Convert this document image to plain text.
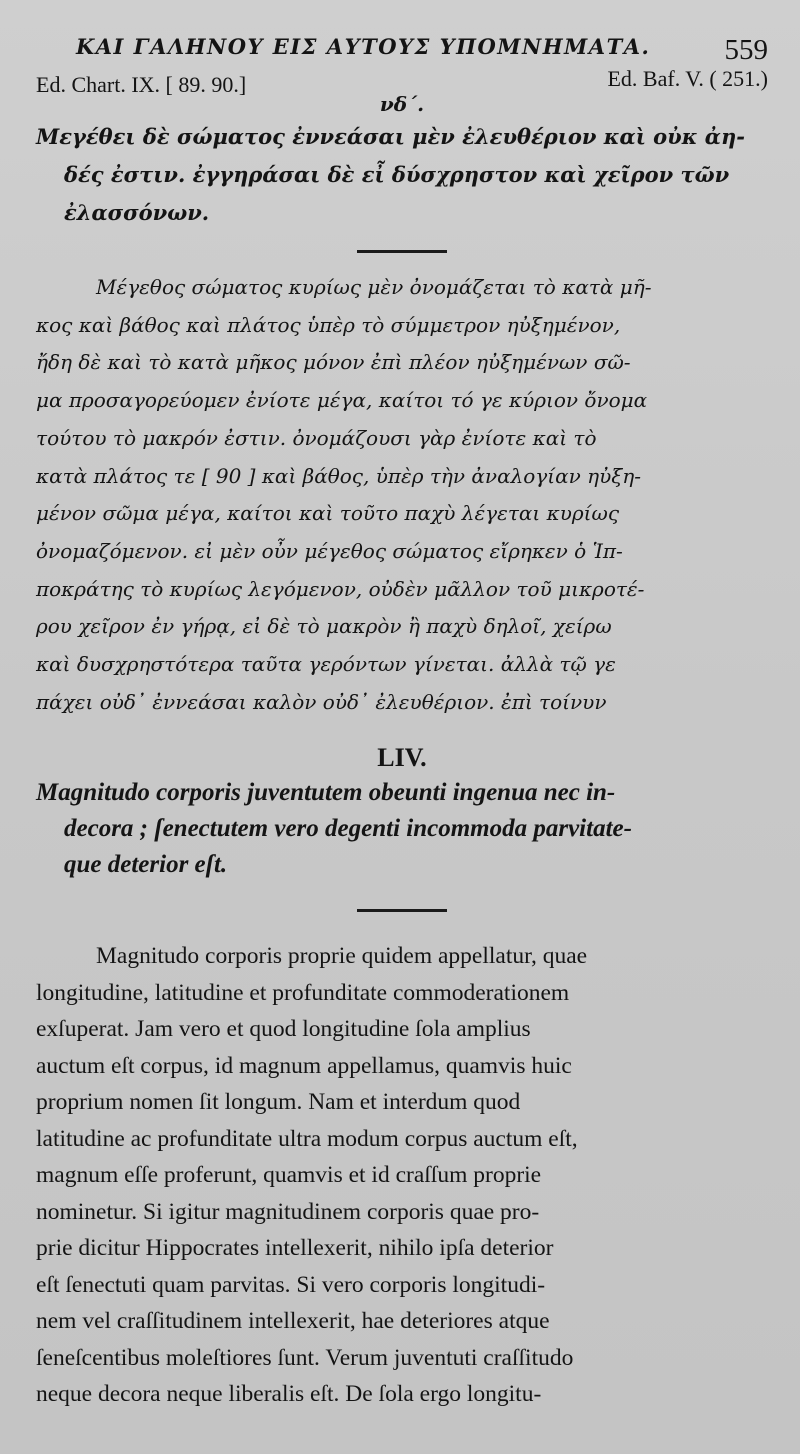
ΚΑΙ ΓΑΛΗΝΟΥ ΕΙΣ ΑΥΤΟΥΣ ΥΠΟΜΝΗΜΑΤΑ.	559
Ed. Chart. IX. [ 89. 90.]	Ed. Baf. V. ( 251.)
νδ΄.
Μεγέθει δὲ σώματος ἐννεάσαι μὲν ἐλευθέριον καὶ οὐκ ἀη-
δές ἐστιν. ἐγγηράσαι δὲ εἶ δύσχρηστον καὶ χεῖρον τῶν
ἐλασσόνων.
Μέγεθος σώματος κυρίως μὲν ὀνομάζεται τὸ κατὰ μῆ-
κος καὶ βάθος καὶ πλάτος ὑπὲρ τὸ σύμμετρον ηὐξημένον,
ἤδη δὲ καὶ τὸ κατὰ μῆκος μόνον ἐπὶ πλέον ηὐξημένων σῶ-
μα προσαγορεύομεν ἐνίοτε μέγα, καίτοι τό γε κύριον ὄνομα
τούτου τὸ μακρόν ἐστιν. ὀνομάζουσι γὰρ ἐνίοτε καὶ τὸ
κατὰ πλάτος τε [ 90 ] καὶ βάθος, ὑπὲρ τὴν ἀναλογίαν ηὐξη-
μένον σῶμα μέγα, καίτοι καὶ τοῦτο παχὺ λέγεται κυρίως
ὀνομαζόμενον. εἰ μὲν οὖν μέγεθος σώματος εἴρηκεν ὁ Ἱπ-
ποκράτης τὸ κυρίως λεγόμενον, οὐδὲν μᾶλλον τοῦ μικροτέ-
ρου χεῖρον ἐν γήρᾳ, εἰ δὲ τὸ μακρὸν ἢ παχὺ δηλοῖ, χείρω
καὶ δυσχρηστότερα ταῦτα γερόντων γίνεται. ἀλλὰ τῷ γε
πάχει οὐδ᾽ ἐννεάσαι καλὸν οὐδ᾽ ἐλευθέριον. ἐπὶ τοίνυν
LIV.
Magnitudo corporis juventutem obeunti ingenua nec in-
decora ; ſenectutem vero degenti incommoda parvitate-
que deterior eſt.
Magnitudo corporis proprie quidem appellatur, quae
longitudine, latitudine et profunditate commoderationem
exſuperat. Jam vero et quod longitudine ſola amplius
auctum eſt corpus, id magnum appellamus, quamvis huic
proprium nomen ſit longum. Nam et interdum quod
latitudine ac profunditate ultra modum corpus auctum eſt,
magnum eſſe proferunt, quamvis et id craſſum proprie
nominetur. Si igitur magnitudinem corporis quae pro-
prie dicitur Hippocrates intellexerit, nihilo ipſa deterior
eſt ſenectuti quam parvitas. Si vero corporis longitudi-
nem vel craſſitudinem intellexerit, hae deteriores atque
ſeneſcentibus moleſtiores ſunt. Verum juventuti craſſitudo
neque decora neque liberalis eſt. De ſola ergo longitu-
